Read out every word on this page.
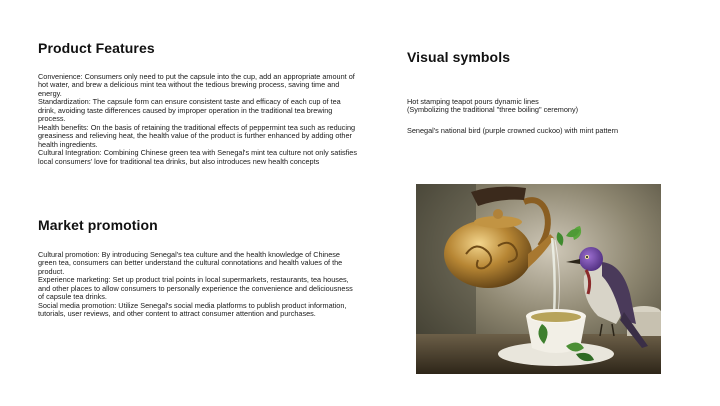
Product Features

Convenience: Consumers only need to put the capsule into the cup, add an appropriate amount of hot water, and brew a delicious mint tea without the tedious brewing process, saving time and energy.

Standardization: The capsule form can ensure consistent taste and efficacy of each cup of tea drink, avoiding taste differences caused by improper operation in the traditional tea brewing process.

Health benefits: On the basis of retaining the traditional effects of peppermint tea such as reducing greasiness and relieving heat, the health value of the product is further enhanced by adding other health ingredients.

Cultural Integration: Combining Chinese green tea with Senegal's mint tea culture not only satisfies local consumers' love for traditional tea drinks, but also introduces new health concepts

Market promotion

Cultural promotion: By introducing Senegal's tea culture and the health knowledge of Chinese green tea, consumers can better understand the cultural connotations and health values of the product.

Experience marketing: Set up product trial points in local supermarkets, restaurants, tea houses, and other places to allow consumers to personally experience the convenience and deliciousness of capsule tea drinks.

Social media promotion: Utilize Senegal's social media platforms to publish product information, tutorials, user reviews, and other content to attract consumer attention and purchases.

Visual symbols

Hot stamping teapot pours dynamic lines

(Symbolizing the traditional "three boiling" ceremony)

Senegal's national bird (purple crowned cuckoo) with mint pattern
